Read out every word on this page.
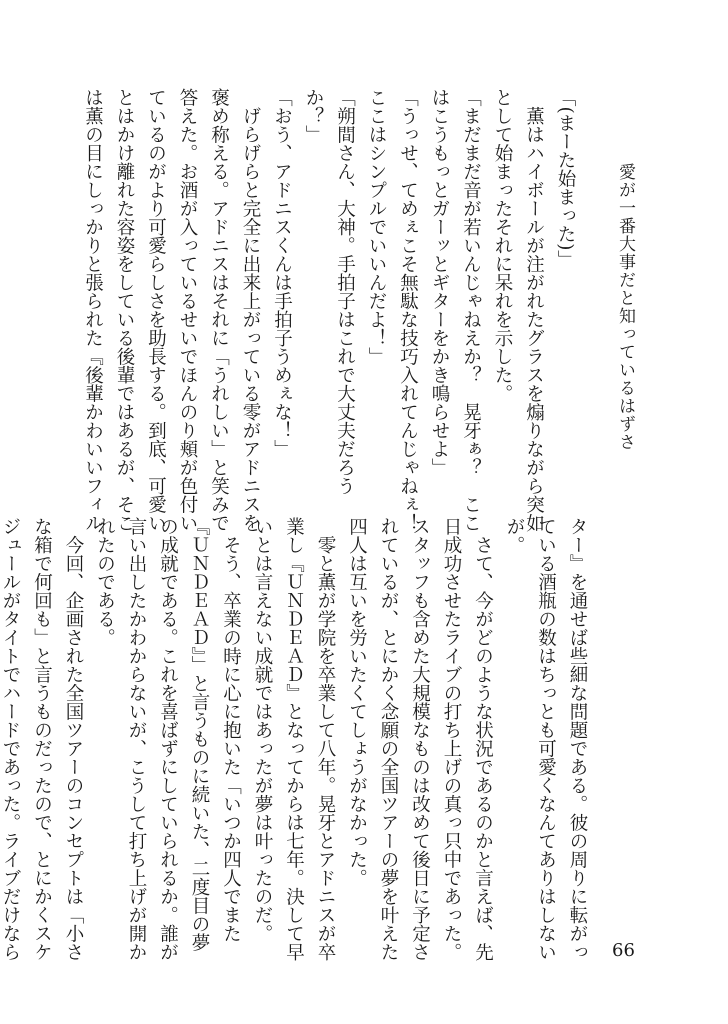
愛が一番大事だと知っているはずさ
「(まーた始まった)」
　薫はハイボールが注がれたグラスを煽りながら突如
として始まったそれに呆れを示した。
「まだまだ音が若いんじゃねえか？　晃牙ぁ？　ここ
はこうもっとガーッとギターをかき鳴らせよ」
「うっせ、てめぇこそ無駄な技巧入れてんじゃねぇ！
ここはシンプルでいいんだよ！」
「朔間さん、大神。手拍子はこれで大丈夫だろう
か？」
「おう、アドニスくんは手拍子うめぇな！」
　げらげらと完全に出来上がっている零がアドニスを
褒め称える。アドニスはそれに「うれしい」と笑みで
答えた。お酒が入っているせいでほんのり頬が色付い
ているのがより可愛らしさを助長する。到底、可愛い
とはかけ離れた容姿をしている後輩ではあるが、そこ
は薫の目にしっかりと張られた『後輩かわいいフィル
ター』を通せば些細な問題である。彼の周りに転がっ
ている酒瓶の数はちっとも可愛くなんてありはしない
が。
　さて、今がどのような状況であるのかと言えば、先
日成功させたライブの打ち上げの真っ只中であった。
スタッフも含めた大規模なものは改めて後日に予定さ
れているが、とにかく念願の全国ツアーの夢を叶えた
四人は互いを労いたくてしょうがなかった。
　零と薫が学院を卒業して八年。晃牙とアドニスが卒
業し『ＵＮＤＥＡＤ』となってからは七年。決して早
いとは言えない成就ではあったが夢は叶ったのだ。
　そう、卒業の時に心に抱いた「いつか四人でまた
『ＵＮＤＥＡＤ』」と言うものに続いた、二度目の夢
の成就である。これを喜ばずにしていられるか。誰が
言い出したかわからないが、こうして打ち上げが開か
れたのである。
　今回、企画された全国ツアーのコンセプトは「小さ
な箱で何回も」と言うものだったので、とにかくスケ
ジュールがタイトでハードであった。ライブだけなら	66
